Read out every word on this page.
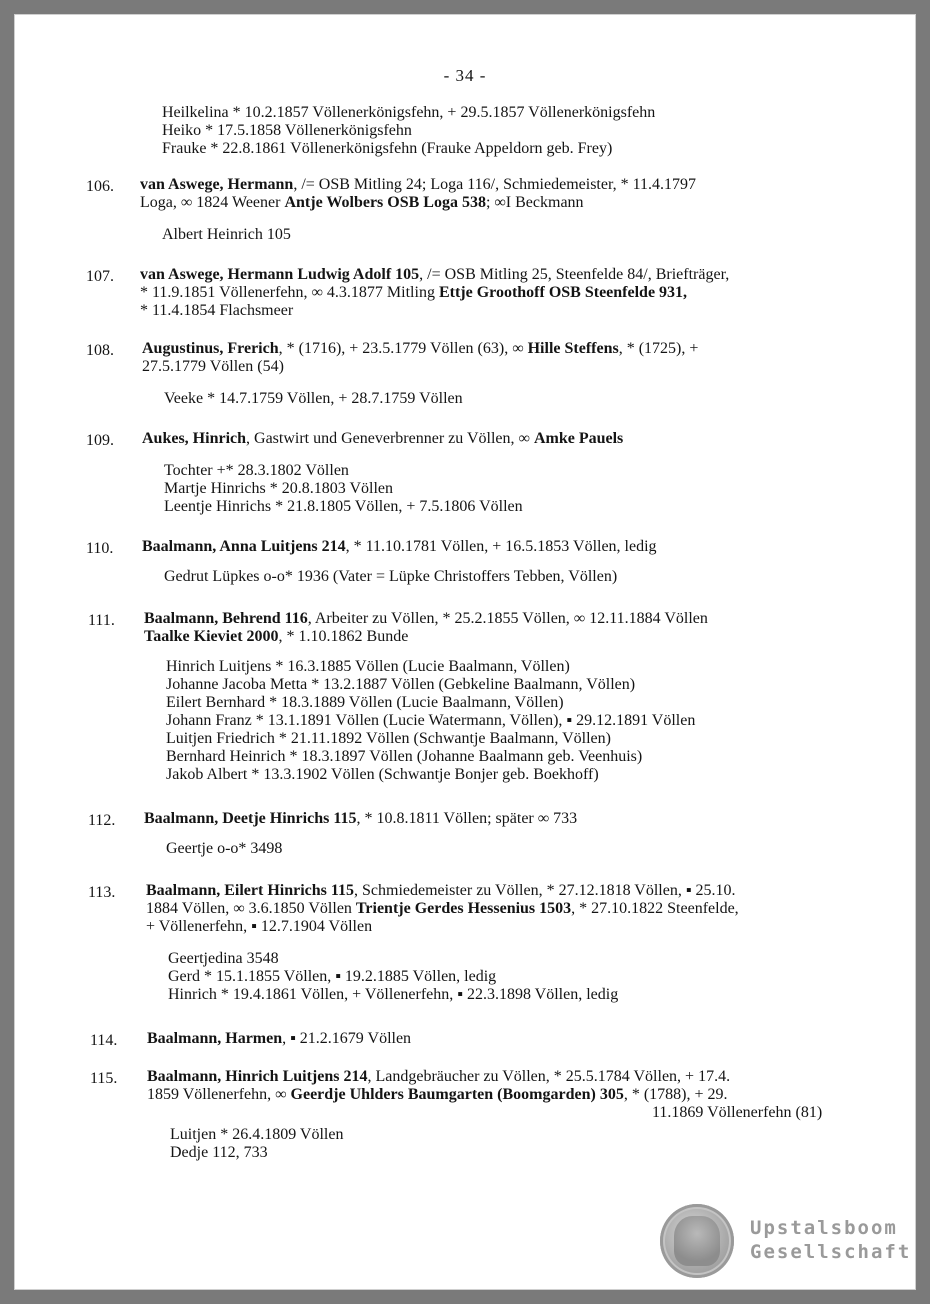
- 34 -
Heilkelina * 10.2.1857 Völlenerkönigsfehn, + 29.5.1857 Völlenerkönigsfehn
Heiko * 17.5.1858 Völlenerkönigsfehn
Frauke * 22.8.1861 Völlenerkönigsfehn (Frauke Appeldorn geb. Frey)
106. van Aswege, Hermann, /= OSB Mitling 24; Loga 116/, Schmiedemeister, * 11.4.1797
Loga, ∞ 1824 Weener Antje Wolbers OSB Loga 538; ∞I Beckmann
Albert Heinrich 105
107. van Aswege, Hermann Ludwig Adolf 105, /= OSB Mitling 25, Steenfelde 84/, Briefträger,
* 11.9.1851 Völlenerfehn, ∞ 4.3.1877 Mitling Ettje Groothoff OSB Steenfelde 931,
* 11.4.1854 Flachsmeer
108. Augustinus, Frerich, * (1716), + 23.5.1779 Völlen (63), ∞ Hille Steffens, * (1725), +
27.5.1779 Völlen (54)
Veeke * 14.7.1759 Völlen, + 28.7.1759 Völlen
109. Aukes, Hinrich, Gastwirt und Geneverbrenner zu Völlen, ∞ Amke Pauels
Tochter +* 28.3.1802 Völlen
Martje Hinrichs * 20.8.1803 Völlen
Leentje Hinrichs * 21.8.1805 Völlen, + 7.5.1806 Völlen
110. Baalmann, Anna Luitjens 214, * 11.10.1781 Völlen, + 16.5.1853 Völlen, ledig
Gedrut Lüpkes o-o* 1936 (Vater = Lüpke Christoffers Tebben, Völlen)
111. Baalmann, Behrend 116, Arbeiter zu Völlen, * 25.2.1855 Völlen, ∞ 12.11.1884 Völlen
Taalke Kieviet 2000, * 1.10.1862 Bunde
Hinrich Luitjens * 16.3.1885 Völlen (Lucie Baalmann, Völlen)
Johanne Jacoba Metta * 13.2.1887 Völlen (Gebkeline Baalmann, Völlen)
Eilert Bernhard * 18.3.1889 Völlen (Lucie Baalmann, Völlen)
Johann Franz * 13.1.1891 Völlen (Lucie Watermann, Völlen), ▪ 29.12.1891 Völlen
Luitjen Friedrich * 21.11.1892 Völlen (Schwantje Baalmann, Völlen)
Bernhard Heinrich * 18.3.1897 Völlen (Johanne Baalmann geb. Veenhuis)
Jakob Albert * 13.3.1902 Völlen (Schwantje Bonjer geb. Boekhoff)
112. Baalmann, Deetje Hinrichs 115, * 10.8.1811 Völlen; später ∞ 733
Geertje o-o* 3498
113. Baalmann, Eilert Hinrichs 115, Schmiedemeister zu Völlen, * 27.12.1818 Völlen, ▪ 25.10.
1884 Völlen, ∞ 3.6.1850 Völlen Trientje Gerdes Hessenius 1503, * 27.10.1822 Steenfelde,
+ Völlenerfehn, ▪ 12.7.1904 Völlen
Geertjedina 3548
Gerd * 15.1.1855 Völlen, ▪ 19.2.1885 Völlen, ledig
Hinrich * 19.4.1861 Völlen, + Völlenerfehn, ▪ 22.3.1898 Völlen, ledig
114. Baalmann, Harmen, ▪ 21.2.1679 Völlen
115. Baalmann, Hinrich Luitjens 214, Landgebräucher zu Völlen, * 25.5.1784 Völlen, + 17.4.
1859 Völlenerfehn, ∞ Geerdje Uhlders Baumgarten (Boomgarden) 305, * (1788), + 29.
11.1869 Völlenerfehn (81)
Luitjen * 26.4.1809 Völlen
Dedje 112, 733
Upstalsboom
Gesellschaft
